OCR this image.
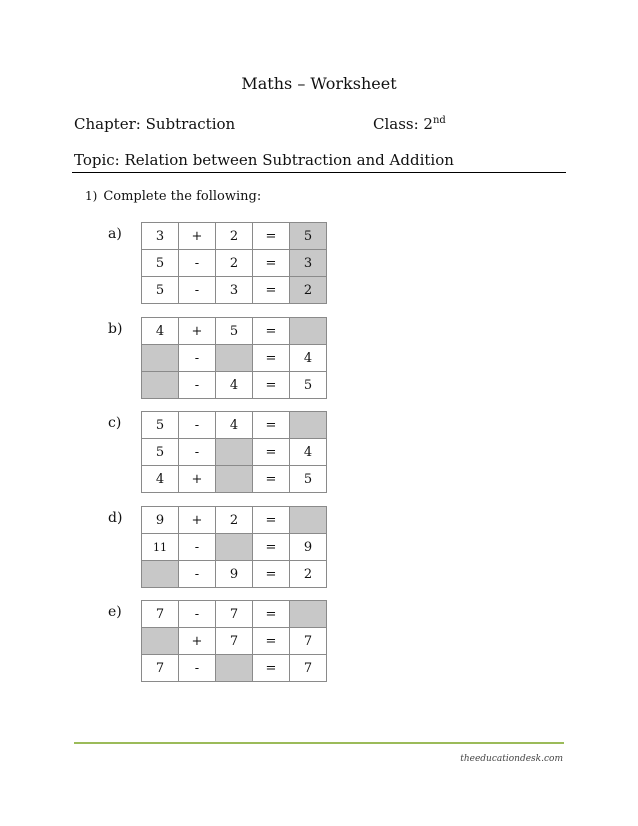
Maths – Worksheet
Chapter: Subtraction	Class: 2nd
Topic: Relation between Subtraction and Addition
1) Complete the following:
a)	3	+	2	=	5
5	-	2	=	3
5	-	3	=	2
b)	4	+	5	=	
	-		=	4
	-	4	=	5
c)	5	-	4	=	
5	-		=	4
4	+		=	5
d)	9	+	2	=	
11	-		=	9
	-	9	=	2
e)	7	-	7	=	
	+	7	=	7
7	-		=	7
theeducationdesk.com
